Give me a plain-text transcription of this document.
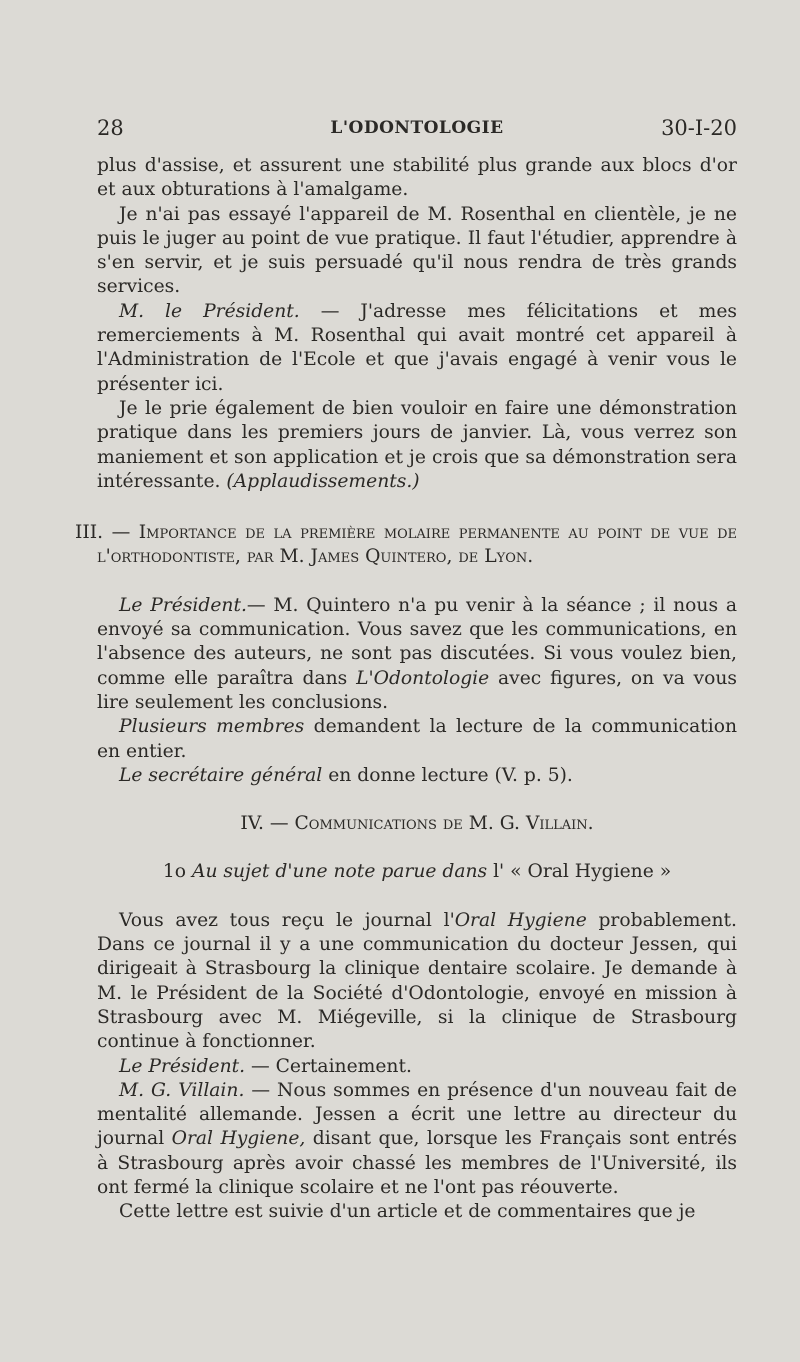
28	L'ODONTOLOGIE	30-I-20

plus d'assise, et assurent une stabilité plus grande aux blocs d'or et aux obturations à l'amalgame.

Je n'ai pas essayé l'appareil de M. Rosenthal en clientèle, je ne puis le juger au point de vue pratique. Il faut l'étudier, apprendre à s'en servir, et je suis persuadé qu'il nous rendra de très grands services.

M. le Président. — J'adresse mes félicitations et mes remerciements à M. Rosenthal qui avait montré cet appareil à l'Administration de l'Ecole et que j'avais engagé à venir vous le présenter ici.

Je le prie également de bien vouloir en faire une démonstration pratique dans les premiers jours de janvier. Là, vous verrez son maniement et son application et je crois que sa démonstration sera intéressante. (Applaudissements.)

III. — Importance de la première molaire permanente au point de vue de l'orthodontiste, par M. James Quintero, de Lyon.

Le Président.— M. Quintero n'a pu venir à la séance ; il nous a envoyé sa communication. Vous savez que les communications, en l'absence des auteurs, ne sont pas discutées. Si vous voulez bien, comme elle paraîtra dans L'Odontologie avec figures, on va vous lire seulement les conclusions.

Plusieurs membres demandent la lecture de la communication en entier.

Le secrétaire général en donne lecture (V. p. 5).

IV. — Communications de M. G. Villain.

1o Au sujet d'une note parue dans l' « Oral Hygiene »

Vous avez tous reçu le journal l'Oral Hygiene probablement. Dans ce journal il y a une communication du docteur Jessen, qui dirigeait à Strasbourg la clinique dentaire scolaire. Je demande à M. le Président de la Société d'Odontologie, envoyé en mission à Strasbourg avec M. Miégeville, si la clinique de Strasbourg continue à fonctionner.

Le Président. — Certainement.

M. G. Villain. — Nous sommes en présence d'un nouveau fait de mentalité allemande. Jessen a écrit une lettre au directeur du journal Oral Hygiene, disant que, lorsque les Français sont entrés à Strasbourg après avoir chassé les membres de l'Université, ils ont fermé la clinique scolaire et ne l'ont pas réouverte.

Cette lettre est suivie d'un article et de commentaires que je
